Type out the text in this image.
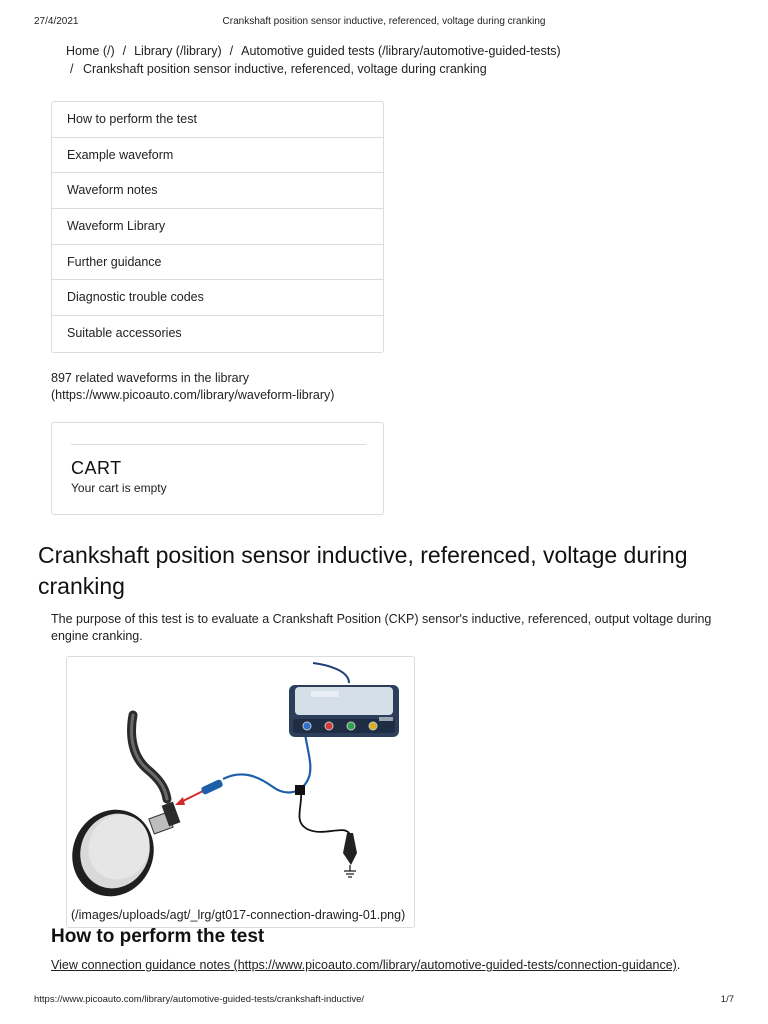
27/4/2021	Crankshaft position sensor inductive, referenced, voltage during cranking
Home (/) / Library (/library) / Automotive guided tests (/library/automotive-guided-tests)
/ Crankshaft position sensor inductive, referenced, voltage during cranking
How to perform the test
Example waveform
Waveform notes
Waveform Library
Further guidance
Diagnostic trouble codes
Suitable accessories
897 related waveforms in the library
(https://www.picoauto.com/library/waveform-library)
CART
Your cart is empty
Crankshaft position sensor inductive, referenced, voltage during cranking

The purpose of this test is to evaluate a Crankshaft Position (CKP) sensor's inductive, referenced, output voltage during engine cranking.

(/images/uploads/agt/_lrg/gt017-connection-drawing-01.png)
How to perform the test

View connection guidance notes (https://www.picoauto.com/library/automotive-guided-tests/connection-guidance).

https://www.picoauto.com/library/automotive-guided-tests/crankshaft-inductive/	1/7
